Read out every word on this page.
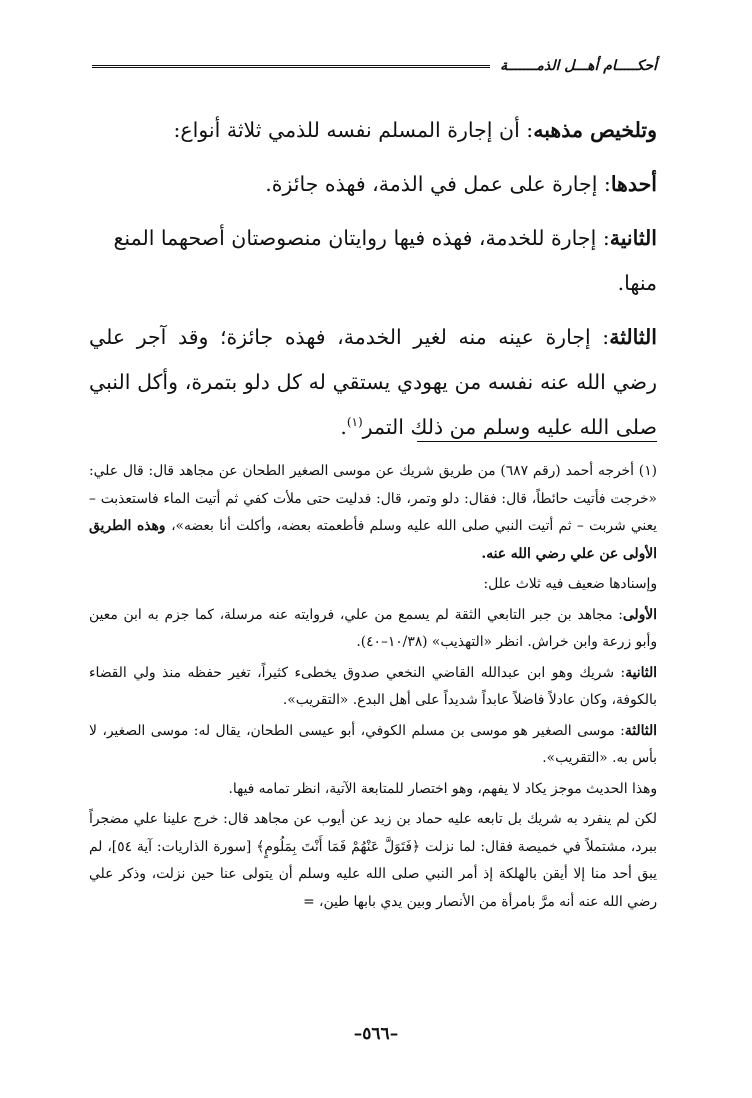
أحكـــــام أهـــل الذمـــــــة

وتلخيص مذهبه: أن إجارة المسلم نفسه للذمي ثلاثة أنواع:

أحدها: إجارة على عمل في الذمة، فهذه جائزة.

الثانية: إجارة للخدمة، فهذه فيها روايتان منصوصتان أصحهما المنع

منها.

الثالثة: إجارة عينه منه لغير الخدمة، فهذه جائزة؛ وقد آجر علي رضي الله عنه نفسه من يهودي يستقي له كل دلو بتمرة، وأكل النبي صلى الله عليه وسلم من ذلك التمر$^{(١)}$.

(١) أخرجه أحمد (رقم ٦٨٧) من طريق شريك عن موسى الصغير الطحان عن مجاهد قال: قال علي: «خرجت فأتيت حائطاً، قال: فقال: دلو وتمر، قال: فدليت حتى ملأت كفي ثم أتيت الماء فاستعذبت – يعني شربت – ثم أتيت النبي صلى الله عليه وسلم فأطعمته بعضه، وأكلت أنا بعضه»، وهذه الطريق الأولى عن علي رضي الله عنه.

وإسنادها ضعيف فيه ثلاث علل:

الأولى: مجاهد بن جبر التابعي الثقة لم يسمع من علي، فروايته عنه مرسلة، كما جزم به ابن معين وأبو زرعة وابن خراش. انظر «التهذيب» (١٠/٣٨–٤٠).

الثانية: شريك وهو ابن عبدالله القاضي النخعي صدوق يخطىء كثيراً، تغير حفظه منذ ولي القضاء بالكوفة، وكان عادلاً فاضلاً عابداً شديداً على أهل البدع. «التقريب».

الثالثة: موسى الصغير هو موسى بن مسلم الكوفي، أبو عيسى الطحان، يقال له: موسى الصغير، لا بأس به. «التقريب».

وهذا الحديث موجز يكاد لا يفهم، وهو اختصار للمتابعة الآتية، انظر تمامه فيها.

لكن لم ينفرد به شريك بل تابعه عليه حماد بن زيد عن أيوب عن مجاهد قال: خرج علينا علي مضجراً ببرد، مشتملاً في خميصة فقال: لما نزلت ﴿فَتَوَلَّ عَنْهُمْ فَمَا أَنْتَ بِمَلُومٍ﴾ [سورة الذاريات: آية ٥٤]، لم يبق أحد منا إلا أيقن بالهلكة إذ أمر النبي صلى الله عليه وسلم أن يتولى عنا حين نزلت، وذكر علي رضي الله عنه أنه مرَّ بامرأة من الأنصار وبين يدي بابها طين، =

–٥٦٦–
